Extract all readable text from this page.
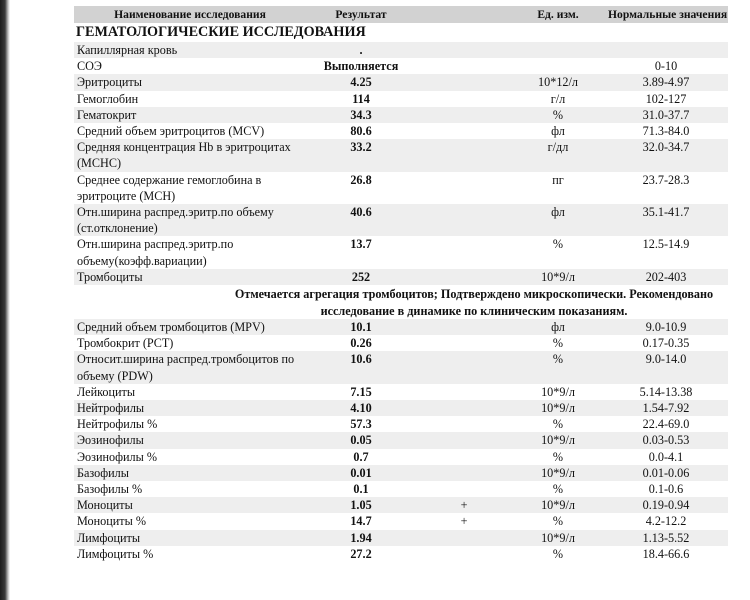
Наименование исследования	Результат		Ед. изм.	Нормальные значения
ГЕМАТОЛОГИЧЕСКИЕ ИССЛЕДОВАНИЯ				
Капиллярная кровь	.			
СОЭ	Выполняется			0-10
Эритроциты	4.25		10*12/л	3.89-4.97
Гемоглобин	114		г/л	102-127
Гематокрит	34.3		%	31.0-37.7
Средний объем эритроцитов (MCV)	80.6		фл	71.3-84.0
Средняя концентрация Hb в эритроцитах (MCHC)	33.2		г/дл	32.0-34.7
Среднее содержание гемоглобина в эритроците (MCH)	26.8		пг	23.7-28.3
Отн.ширина распред.эритр.по объему (ст.отклонение)	40.6		фл	35.1-41.7
Отн.ширина распред.эритр.по объему(коэфф.вариации)	13.7		%	12.5-14.9
Тромбоциты	252		10*9/л	202-403
Отмечается агрегация тромбоцитов; Подтверждено микроскопически. Рекомендовано исследование в динамике по клиническим показаниям.				
Средний объем тромбоцитов (MPV)	10.1		фл	9.0-10.9
Тромбокрит (PCT)	0.26		%	0.17-0.35
Относит.ширина распред.тромбоцитов по объему (PDW)	10.6		%	9.0-14.0
Лейкоциты	7.15		10*9/л	5.14-13.38
Нейтрофилы	4.10		10*9/л	1.54-7.92
Нейтрофилы %	57.3		%	22.4-69.0
Эозинофилы	0.05		10*9/л	0.03-0.53
Эозинофилы %	0.7		%	0.0-4.1
Базофилы	0.01		10*9/л	0.01-0.06
Базофилы %	0.1		%	0.1-0.6
Моноциты	1.05	+	10*9/л	0.19-0.94
Моноциты %	14.7	+	%	4.2-12.2
Лимфоциты	1.94		10*9/л	1.13-5.52
Лимфоциты %	27.2		%	18.4-66.6
